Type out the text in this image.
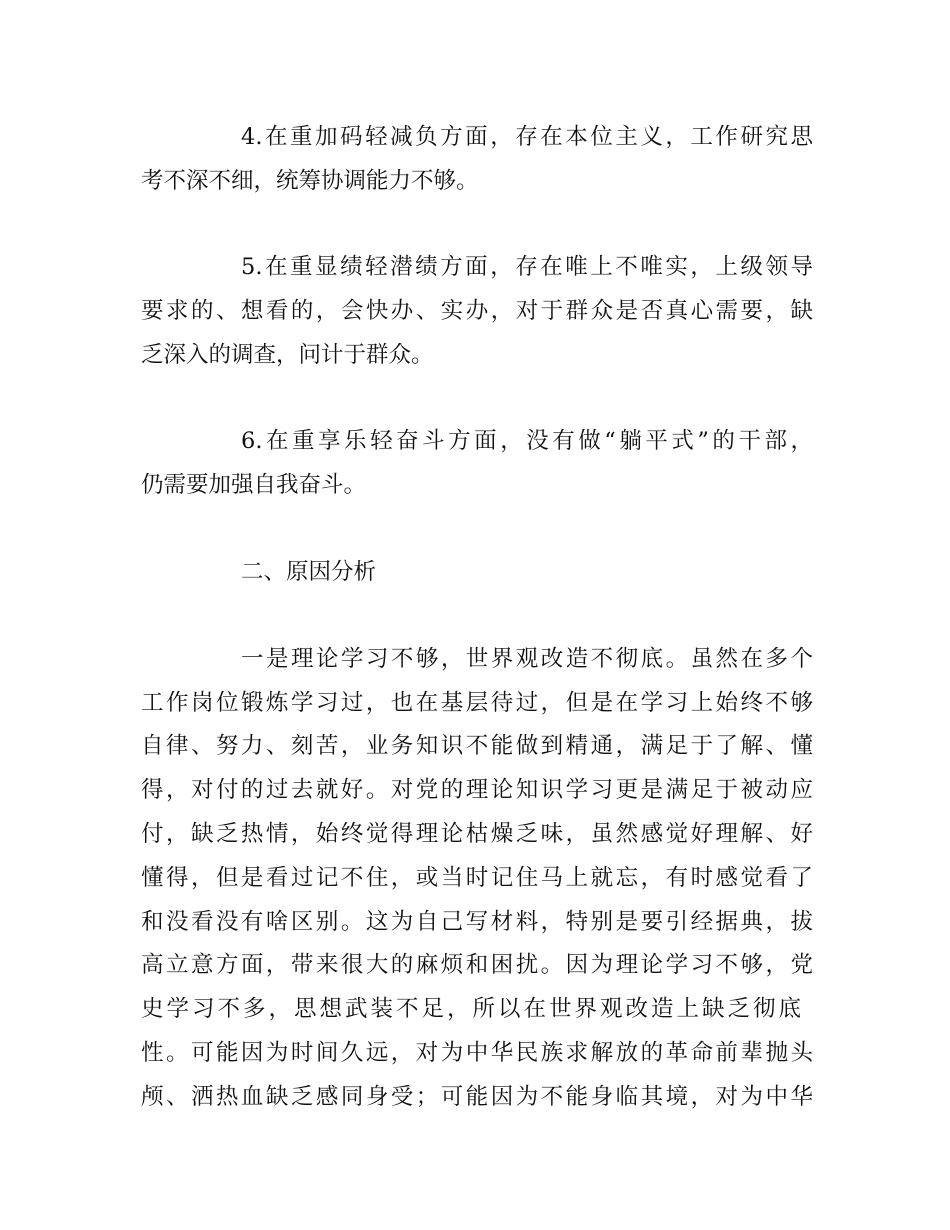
4.在重加码轻减负方面，存在本位主义，工作研究思
考不深不细，统筹协调能力不够。
5.在重显绩轻潜绩方面，存在唯上不唯实，上级领导
要求的、想看的，会快办、实办，对于群众是否真心需要，缺
乏深入的调查，问计于群众。
6.在重享乐轻奋斗方面，没有做“躺平式”的干部，
仍需要加强自我奋斗。
二、原因分析
一是理论学习不够，世界观改造不彻底。虽然在多个
工作岗位锻炼学习过，也在基层待过，但是在学习上始终不够
自律、努力、刻苦，业务知识不能做到精通，满足于了解、懂
得，对付的过去就好。对党的理论知识学习更是满足于被动应
付，缺乏热情，始终觉得理论枯燥乏味，虽然感觉好理解、好
懂得，但是看过记不住，或当时记住马上就忘，有时感觉看了
和没看没有啥区别。这为自己写材料，特别是要引经据典，拔
高立意方面，带来很大的麻烦和困扰。因为理论学习不够，党
史学习不多，思想武装不足，所以在世界观改造上缺乏彻底
性。可能因为时间久远，对为中华民族求解放的革命前辈抛头
颅、洒热血缺乏感同身受；可能因为不能身临其境，对为中华
